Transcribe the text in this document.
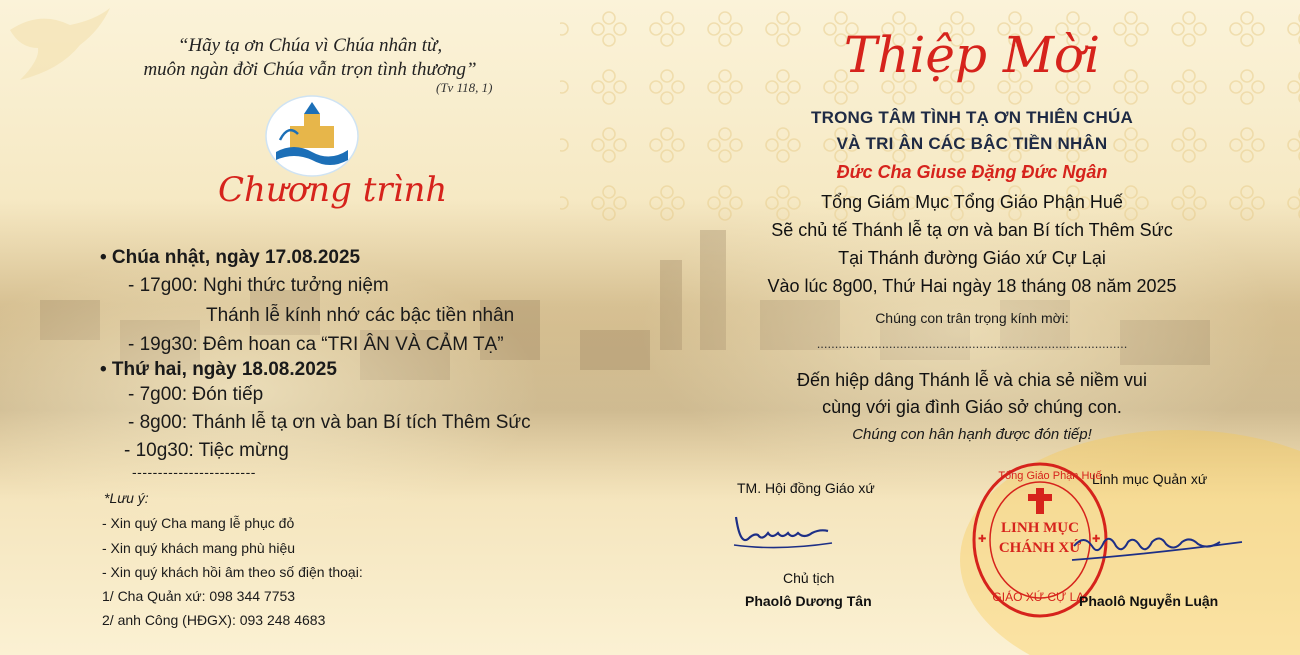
“Hãy tạ ơn Chúa vì Chúa nhân từ,
muôn ngàn đời Chúa vẫn trọn tình thương”
(Tv 118, 1)
Chương trình
• Chúa nhật, ngày 17.08.2025
- 17g00: Nghi thức tưởng niệm
Thánh lễ kính nhớ các bậc tiền nhân
- 19g30: Đêm hoan ca “TRI ÂN VÀ CẢM TẠ”
• Thứ hai, ngày 18.08.2025
- 7g00: Đón tiếp
- 8g00: Thánh lễ tạ ơn và ban Bí tích Thêm Sức
- 10g30: Tiệc mừng
------------------------
*Lưu ý:
- Xin quý Cha mang lễ phục đỏ
- Xin quý khách mang phù hiệu
- Xin quý khách hồi âm theo số điện thoại:
1/ Cha Quản xứ: 098 344 7753
2/ anh Công (HĐGX): 093 248 4683
Thiệp Mời
TRONG TÂM TÌNH TẠ ƠN THIÊN CHÚA
VÀ TRI ÂN CÁC BẬC TIỀN NHÂN
Đức Cha Giuse Đặng Đức Ngân
Tổng Giám Mục Tổng Giáo Phận Huế
Sẽ chủ tế Thánh lễ tạ ơn và ban Bí tích Thêm Sức
Tại Thánh đường Giáo xứ Cự Lại
Vào lúc 8g00, Thứ Hai ngày 18 tháng 08 năm 2025
Chúng con trân trọng kính mời:
......................................................................................
Đến hiệp dâng Thánh lễ và chia sẻ niềm vui
cùng với gia đình Giáo sở chúng con.
Chúng con hân hạnh được đón tiếp!
TM. Hội đồng Giáo xứ
Chủ tịch
Phaolô Dương Tân
Linh mục Quản xứ
✚	✚
Tổng Giáo Phận Huế
LINH MỤC
CHÁNH XỨ
GIÁO XỨ CỰ LẠI
Phaolô Nguyễn Luận
